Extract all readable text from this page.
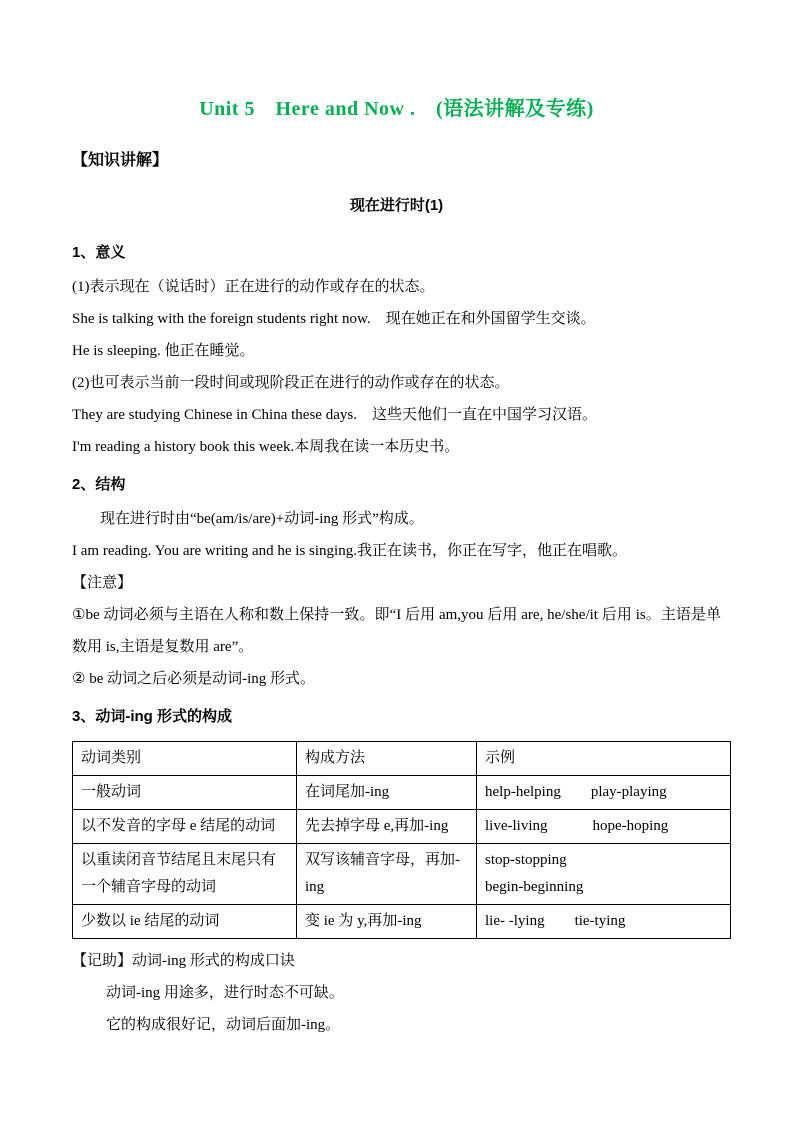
Unit 5　Here and Now .　(语法讲解及专练)
【知识讲解】
现在进行时(1)
1、意义

(1)表示现在（说话时）正在进行的动作或存在的状态。

She is talking with the foreign students right now.　现在她正在和外国留学生交谈。

He is sleeping. 他正在睡觉。

(2)也可表示当前一段时间或现阶段正在进行的动作或存在的状态。

They are studying Chinese in China these days.　这些天他们一直在中国学习汉语。

I'm reading a history book this week.本周我在读一本历史书。

2、结构

现在进行时由“be(am/is/are)+动词-ing 形式”构成。

I am reading. You are writing and he is singing.我正在读书，你正在写字，他正在唱歌。

【注意】

①be 动词必须与主语在人称和数上保持一致。即“I 后用 am,you 后用 are, he/she/it 后用 is。主语是单数用 is,主语是复数用 are”。

② be 动词之后必须是动词-ing 形式。

3、动词-ing 形式的构成
动词类别	构成方法	示例
一般动词	在词尾加-ing	help-helping　　play-playing
以不发音的字母 e 结尾的动词	先去掉字母 e,再加-ing	live-living　　　hope-hoping
以重读闭音节结尾且末尾只有一个辅音字母的动词	双写该辅音字母，再加-ing	stop-stopping
begin-beginning

少数以 ie 结尾的动词	变 ie 为 y,再加-ing	lie- -lying　　tie-tying

【记助】动词-ing 形式的构成口诀

动词-ing 用途多，进行时态不可缺。

它的构成很好记，动词后面加-ing。
